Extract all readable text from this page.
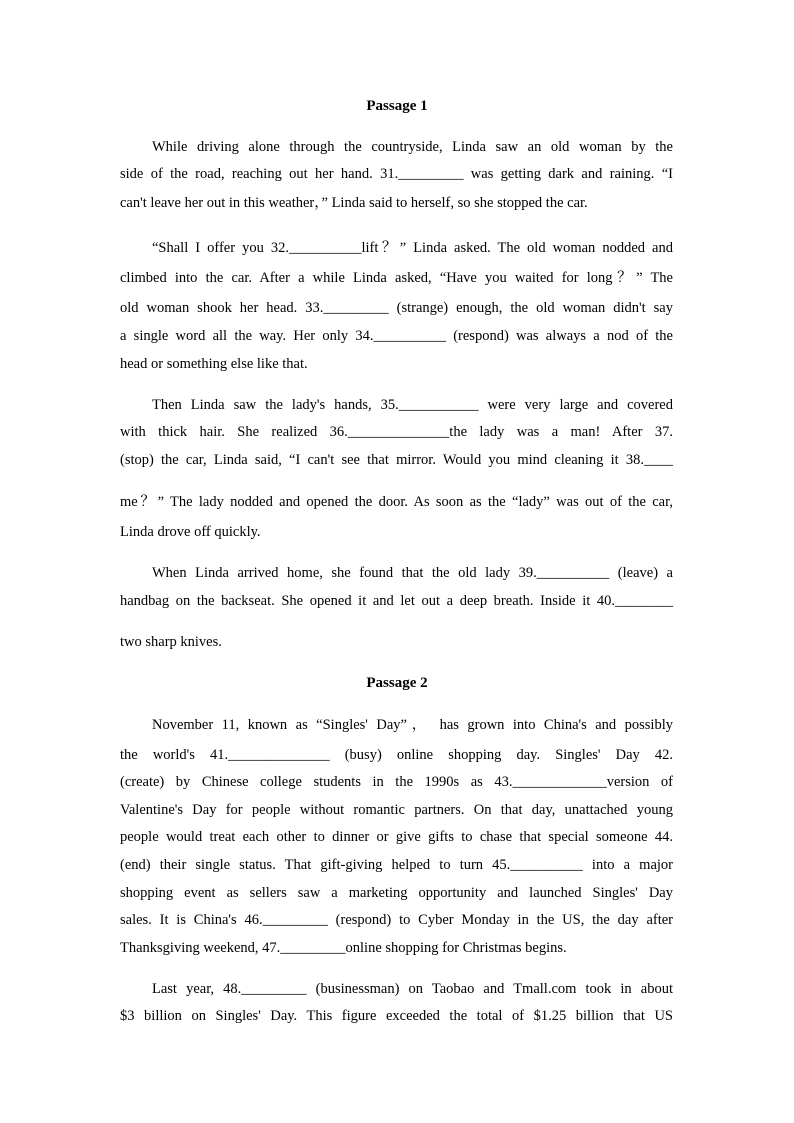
Passage 1
While driving alone through the countryside, Linda saw an old woman by the
side of the road, reaching out her hand. 31._________ was getting dark and raining. “I
can't leave her out in this weather，” Linda said to herself, so she stopped the car.
“Shall I offer you 32.__________lift？” Linda asked. The old woman nodded and
climbed into the car. After a while Linda asked, “Have you waited for long？” The
old woman shook her head. 33._________ (strange) enough, the old woman didn't say
a single word all the way. Her only 34.__________ (respond) was always a nod of the
head or something else like that.
Then Linda saw the lady's hands, 35.___________ were very large and covered
with thick hair. She realized 36.______________the lady was a man! After 37.
(stop) the car, Linda said, “I can't see that mirror. Would you mind cleaning it 38.____
me？” The lady nodded and opened the door. As soon as the “lady” was out of the car,
Linda drove off quickly.
When Linda arrived home, she found that the old lady 39.__________ (leave) a
handbag on the backseat. She opened it and let out a deep breath. Inside it 40.________
two sharp knives.
Passage 2
November 11, known as “Singles' Day”， has grown into China's and possibly
the world's 41.______________ (busy) online shopping day. Singles' Day 42.
(create) by Chinese college students in the 1990s as 43._____________version of
Valentine's Day for people without romantic partners. On that day, unattached young
people would treat each other to dinner or give gifts to chase that special someone 44.
(end) their single status. That gift-giving helped to turn 45.__________ into a major
shopping event as sellers saw a marketing opportunity and launched Singles' Day
sales. It is China's 46._________ (respond) to Cyber Monday in the US, the day after
Thanksgiving weekend, 47._________online shopping for Christmas begins.
Last year, 48._________ (businessman) on Taobao and Tmall.com took in about
$3 billion on Singles' Day. This figure exceeded the total of $1.25 billion that US
